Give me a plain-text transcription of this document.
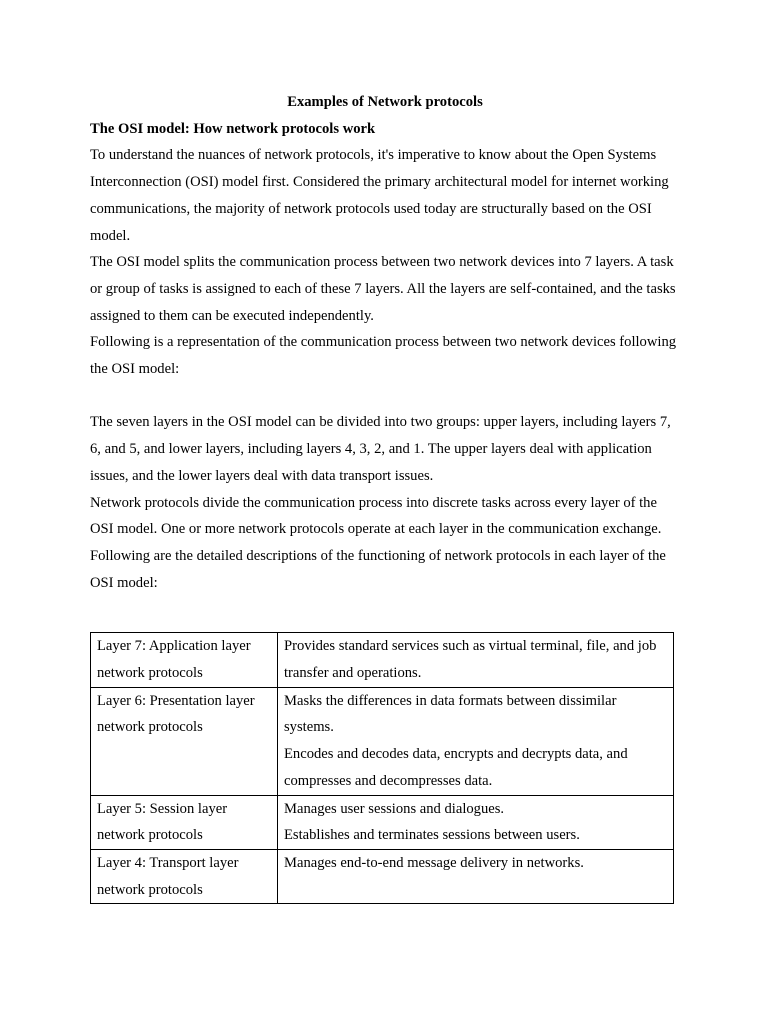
Examples of Network protocols

The OSI model: How network protocols work

To understand the nuances of network protocols, it's imperative to know about the Open Systems Interconnection (OSI) model first. Considered the primary architectural model for internet working communications, the majority of network protocols used today are structurally based on the OSI model.

The OSI model splits the communication process between two network devices into 7 layers. A task or group of tasks is assigned to each of these 7 layers. All the layers are self-contained, and the tasks assigned to them can be executed independently.

Following is a representation of the communication process between two network devices following the OSI model:

The seven layers in the OSI model can be divided into two groups: upper layers, including layers 7, 6, and 5, and lower layers, including layers 4, 3, 2, and 1. The upper layers deal with application issues, and the lower layers deal with data transport issues.

Network protocols divide the communication process into discrete tasks across every layer of the OSI model. One or more network protocols operate at each layer in the communication exchange.

Following are the detailed descriptions of the functioning of network protocols in each layer of the OSI model:

Layer 7: Application layer network protocols	Provides standard services such as virtual terminal, file, and job transfer and operations.

Layer 6: Presentation layer network protocols	Masks the differences in data formats between dissimilar systems.
Encodes and decodes data, encrypts and decrypts data, and compresses and decompresses data.

Layer 5: Session layer network protocols	Manages user sessions and dialogues.
Establishes and terminates sessions between users.

Layer 4: Transport layer network protocols	Manages end-to-end message delivery in networks.
